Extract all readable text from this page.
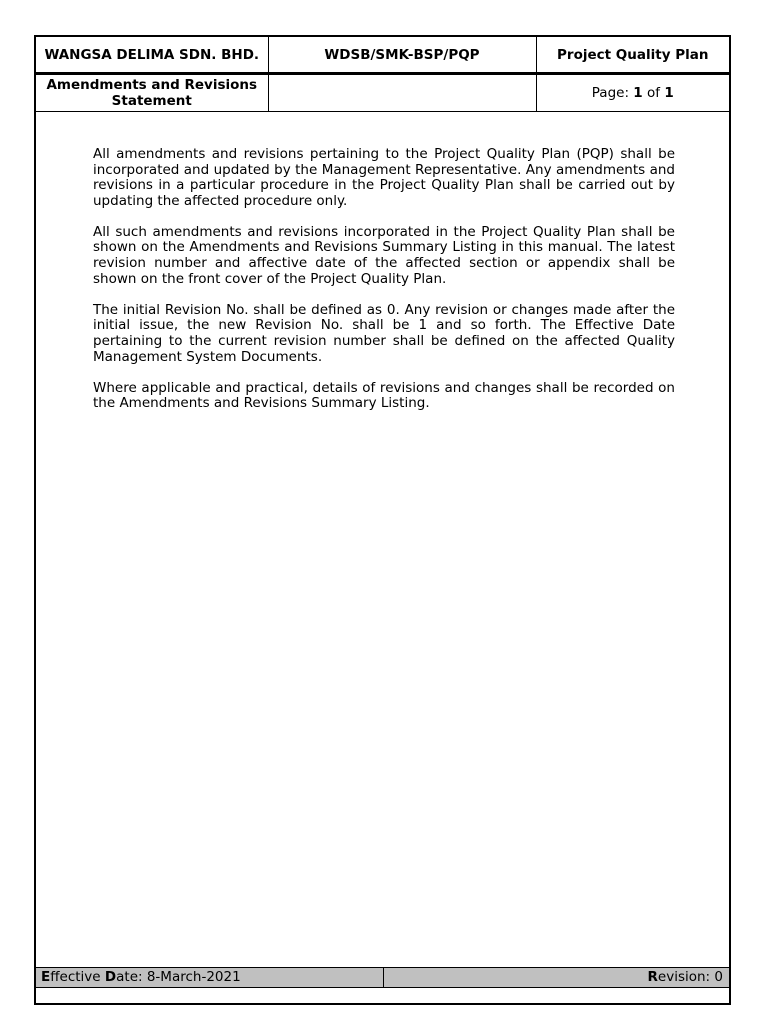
WANGSA DELIMA SDN. BHD.	WDSB/SMK-BSP/PQP	Project Quality Plan
Amendments and Revisions Statement		Page: 1 of 1

All amendments and revisions pertaining to the Project Quality Plan (PQP) shall be incorporated and updated by the Management Representative. Any amendments and revisions in a particular procedure in the Project Quality Plan shall be carried out by updating the affected procedure only.

All such amendments and revisions incorporated in the Project Quality Plan shall be shown on the Amendments and Revisions Summary Listing in this manual. The latest revision number and affective date of the affected section or appendix shall be shown on the front cover of the Project Quality Plan.

The initial Revision No. shall be defined as 0. Any revision or changes made after the initial issue, the new Revision No. shall be 1 and so forth. The Effective Date pertaining to the current revision number shall be defined on the affected Quality Management System Documents.

Where applicable and practical, details of revisions and changes shall be recorded on the Amendments and Revisions Summary Listing.

Effective Date: 8-March-2021	Revision: 0
